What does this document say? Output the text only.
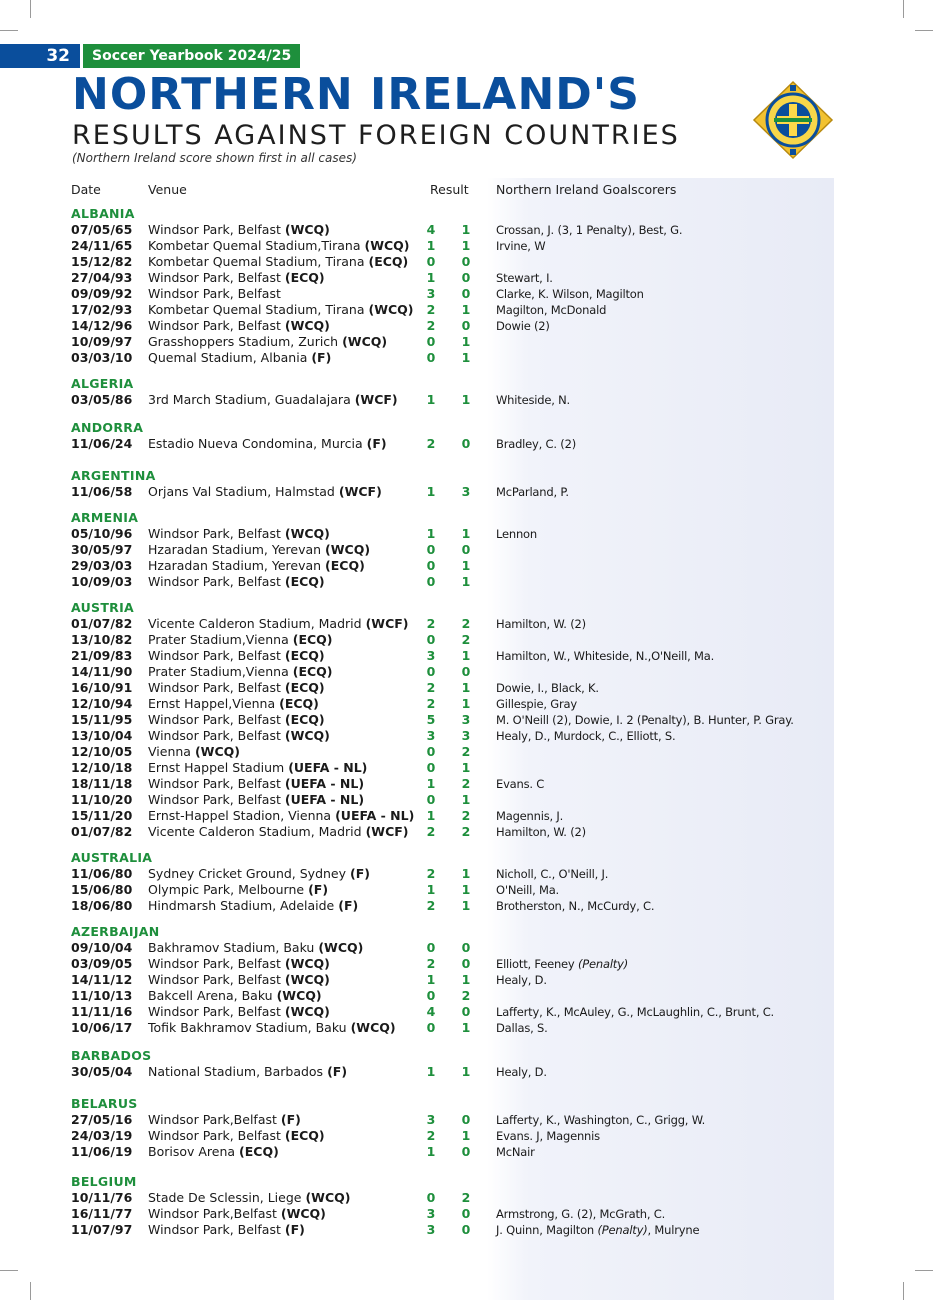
32	Soccer Yearbook 2024/25
NORTHERN IRELAND'S
RESULTS AGAINST FOREIGN COUNTRIES
(Northern Ireland score shown first in all cases)
Date	Venue	Result Northern Ireland Goalscorers
ALBANIA
07/05/65 Windsor Park, Belfast (WCQ)	4	1	Crossan, J. (3, 1 Penalty), Best, G.
24/11/65 Kombetar Quemal Stadium,Tirana (WCQ)	1	1	Irvine, W
15/12/82 Kombetar Quemal Stadium, Tirana (ECQ)	0	0
27/04/93 Windsor Park, Belfast (ECQ)	1	0	Stewart, I.
09/09/92 Windsor Park, Belfast	3	0	Clarke, K. Wilson, Magilton
17/02/93 Kombetar Quemal Stadium, Tirana (WCQ)	2	1	Magilton, McDonald
14/12/96 Windsor Park, Belfast (WCQ)	2	0	Dowie (2)
10/09/97 Grasshoppers Stadium, Zurich (WCQ)	0	1
03/03/10 Quemal Stadium, Albania (F)	0	1
ALGERIA
03/05/86 3rd March Stadium, Guadalajara (WCF)	1	1	Whiteside, N.
ANDORRA
11/06/24 Estadio Nueva Condomina, Murcia (F)	2	0	Bradley, C. (2)
ARGENTINA
11/06/58 Orjans Val Stadium, Halmstad (WCF)	1	3	McParland, P.
ARMENIA
05/10/96 Windsor Park, Belfast (WCQ)	1	1	Lennon
30/05/97 Hzaradan Stadium, Yerevan (WCQ)	0	0
29/03/03 Hzaradan Stadium, Yerevan (ECQ)	0	1
10/09/03 Windsor Park, Belfast (ECQ)	0	1
AUSTRIA
01/07/82 Vicente Calderon Stadium, Madrid (WCF)	2	2	Hamilton, W. (2)
13/10/82 Prater Stadium,Vienna (ECQ)	0	2
21/09/83 Windsor Park, Belfast (ECQ)	3	1	Hamilton, W., Whiteside, N.,O'Neill, Ma.
14/11/90 Prater Stadium,Vienna (ECQ)	0	0
16/10/91 Windsor Park, Belfast (ECQ)	2	1	Dowie, I., Black, K.
12/10/94 Ernst Happel,Vienna (ECQ)	2	1	Gillespie, Gray
15/11/95 Windsor Park, Belfast (ECQ)	5	3	M. O'Neill (2), Dowie, I. 2 (Penalty), B. Hunter, P. Gray.
13/10/04 Windsor Park, Belfast (WCQ)	3	3	Healy, D., Murdock, C., Elliott, S.
12/10/05 Vienna (WCQ)	0	2
12/10/18 Ernst Happel Stadium (UEFA - NL)	0	1
18/11/18 Windsor Park, Belfast (UEFA - NL)	1	2	Evans. C
11/10/20 Windsor Park, Belfast (UEFA - NL)	0	1
15/11/20 Ernst-Happel Stadion, Vienna (UEFA - NL) 1	2	Magennis, J.
01/07/82 Vicente Calderon Stadium, Madrid (WCF)	2	2	Hamilton, W. (2)
AUSTRALIA
11/06/80 Sydney Cricket Ground, Sydney (F)	2	1	Nicholl, C., O'Neill, J.
15/06/80 Olympic Park, Melbourne (F)	1	1	O'Neill, Ma.
18/06/80 Hindmarsh Stadium, Adelaide (F)	2	1	Brotherston, N., McCurdy, C.
AZERBAIJAN
09/10/04 Bakhramov Stadium, Baku (WCQ)	0	0
03/09/05 Windsor Park, Belfast (WCQ)	2	0	Elliott, Feeney (Penalty)
14/11/12 Windsor Park, Belfast (WCQ)	1	1	Healy, D.
11/10/13 Bakcell Arena, Baku (WCQ)	0	2
11/11/16 Windsor Park, Belfast (WCQ)	4	0	Lafferty, K., McAuley, G., McLaughlin, C., Brunt, C.
10/06/17 Tofik Bakhramov Stadium, Baku (WCQ)	0	1	Dallas, S.
BARBADOS
30/05/04 National Stadium, Barbados (F)	1	1	Healy, D.
BELARUS
27/05/16 Windsor Park,Belfast (F)	3	0	Lafferty, K., Washington, C., Grigg, W.
24/03/19 Windsor Park, Belfast (ECQ)	2	1	Evans. J, Magennis
11/06/19 Borisov Arena (ECQ)	1	0	McNair
BELGIUM
10/11/76 Stade De Sclessin, Liege (WCQ)	0	2
16/11/77 Windsor Park,Belfast (WCQ)	3	0	Armstrong, G. (2), McGrath, C.
11/07/97 Windsor Park, Belfast (F)	3	0	J. Quinn, Magilton (Penalty), Mulryne
